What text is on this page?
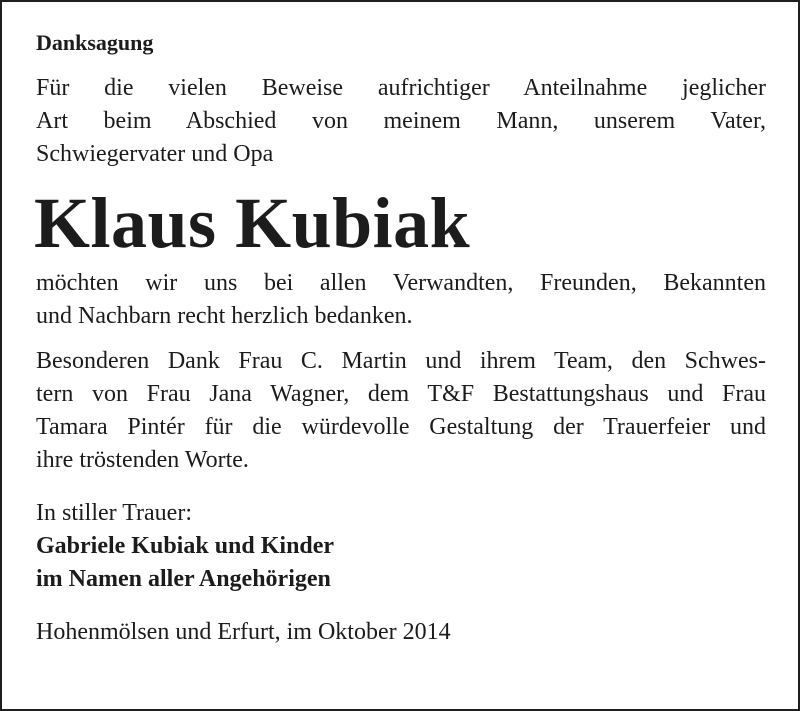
Danksagung
Für die vielen Beweise aufrichtiger Anteilnahme jeglicher
Art beim Abschied von meinem Mann, unserem Vater,
Schwiegervater und Opa
Klaus Kubiak
möchten wir uns bei allen Verwandten, Freunden, Bekannten
und Nachbarn recht herzlich bedanken.
Besonderen Dank Frau C. Martin und ihrem Team, den Schwes-
tern von Frau Jana Wagner, dem T&F Bestattungshaus und Frau
Tamara Pintér für die würdevolle Gestaltung der Trauerfeier und
ihre tröstenden Worte.
In stiller Trauer:
Gabriele Kubiak und Kinder
im Namen aller Angehörigen
Hohenmölsen und Erfurt, im Oktober 2014
